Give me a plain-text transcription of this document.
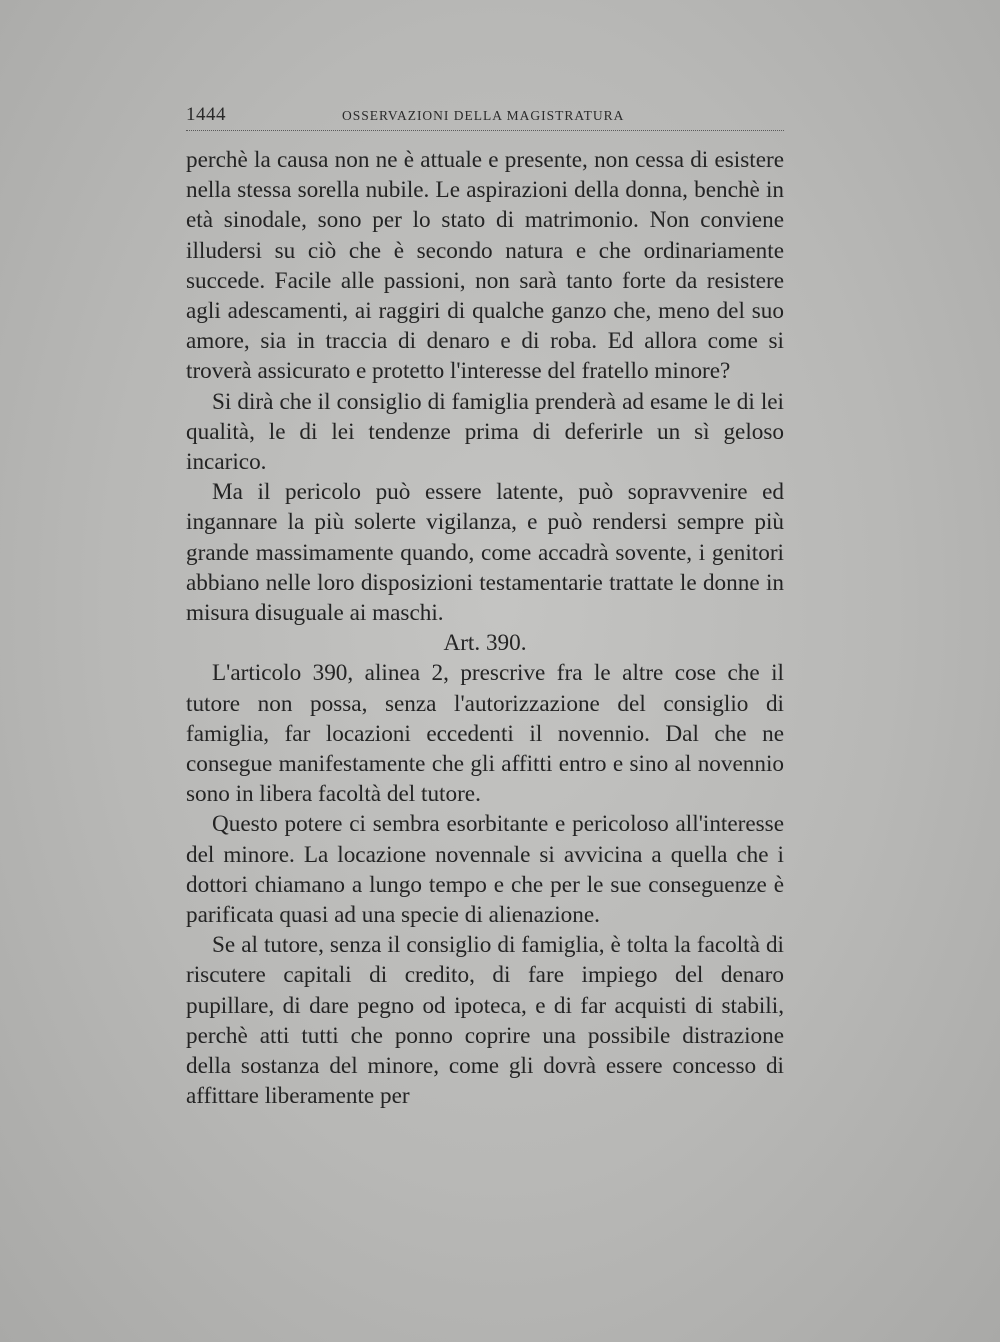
1444	OSSERVAZIONI DELLA MAGISTRATURA

perchè la causa non ne è attuale e presente, non cessa di esistere nella stessa sorella nubile. Le aspirazioni della donna, benchè in età sinodale, sono per lo stato di matrimonio. Non conviene illudersi su ciò che è secondo natura e che ordinariamente succede. Facile alle passioni, non sarà tanto forte da resistere agli adescamenti, ai raggiri di qualche ganzo che, meno del suo amore, sia in traccia di denaro e di roba. Ed allora come si troverà assicurato e protetto l'interesse del fratello minore?

Si dirà che il consiglio di famiglia prenderà ad esame le di lei qualità, le di lei tendenze prima di deferirle un sì geloso incarico.

Ma il pericolo può essere latente, può sopravvenire ed ingannare la più solerte vigilanza, e può rendersi sempre più grande massimamente quando, come accadrà sovente, i genitori abbiano nelle loro disposizioni testamentarie trattate le donne in misura disuguale ai maschi.

Art. 390.

L'articolo 390, alinea 2, prescrive fra le altre cose che il tutore non possa, senza l'autorizzazione del consiglio di famiglia, far locazioni eccedenti il novennio. Dal che ne consegue manifestamente che gli affitti entro e sino al novennio sono in libera facoltà del tutore.

Questo potere ci sembra esorbitante e pericoloso all'interesse del minore. La locazione novennale si avvicina a quella che i dottori chiamano a lungo tempo e che per le sue conseguenze è parificata quasi ad una specie di alienazione.

Se al tutore, senza il consiglio di famiglia, è tolta la facoltà di riscutere capitali di credito, di fare impiego del denaro pupillare, di dare pegno od ipoteca, e di far acquisti di stabili, perchè atti tutti che ponno coprire una possibile distrazione della sostanza del minore, come gli dovrà essere concesso di affittare liberamente per
